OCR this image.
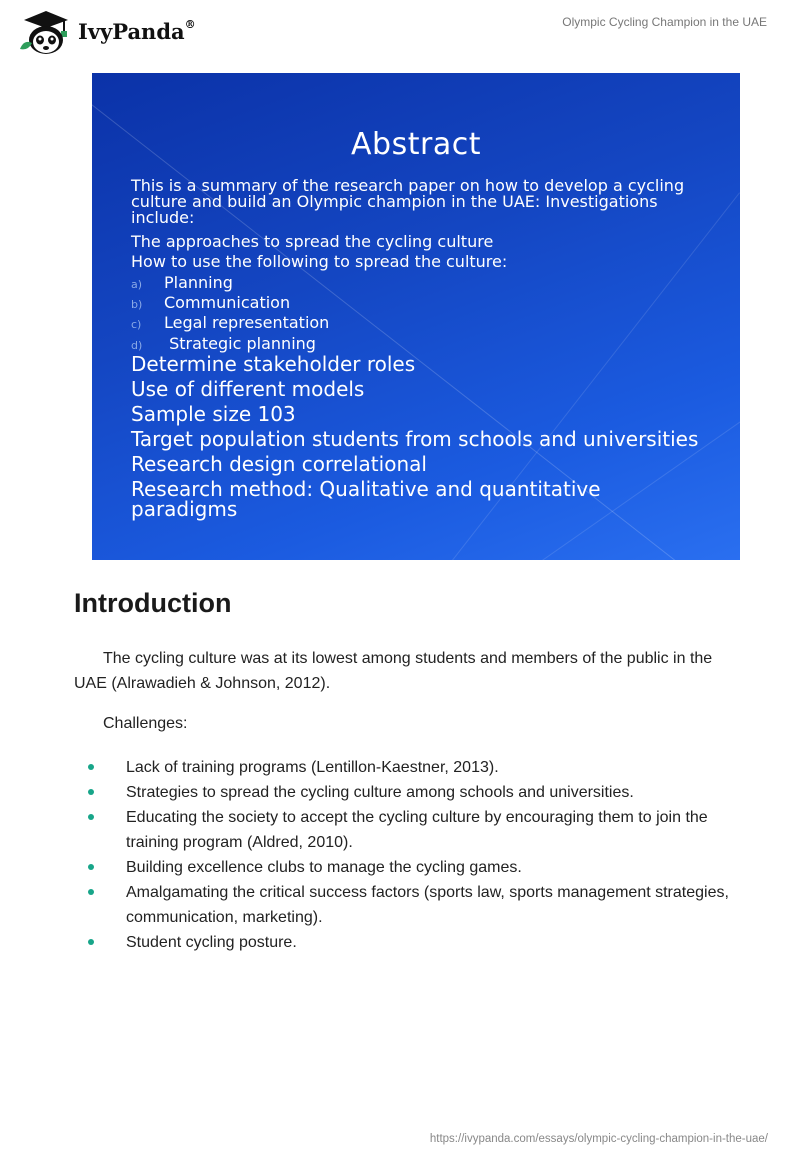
IvyPanda®	Olympic Cycling Champion in the UAE
Abstract
This is a summary of the research paper on how to develop a cycling culture and build an Olympic champion in the UAE: Investigations include:
The approaches to spread the cycling culture
How to use the following to spread the culture:
a) Planning
b) Communication
c) Legal representation
d) Strategic planning
Determine stakeholder roles
Use of different models
Sample size 103
Target population students from schools and universities
Research design correlational
Research method: Qualitative and quantitative paradigms
Introduction

The cycling culture was at its lowest among students and members of the public in the UAE (Alrawadieh & Johnson, 2012).

Challenges:

Lack of training programs (Lentillon-Kaestner, 2013).
Strategies to spread the cycling culture among schools and universities.
Educating the society to accept the cycling culture by encouraging them to join the training program (Aldred, 2010).
Building excellence clubs to manage the cycling games.
Amalgamating the critical success factors (sports law, sports management strategies, communication, marketing).
Student cycling posture.
https://ivypanda.com/essays/olympic-cycling-champion-in-the-uae/
